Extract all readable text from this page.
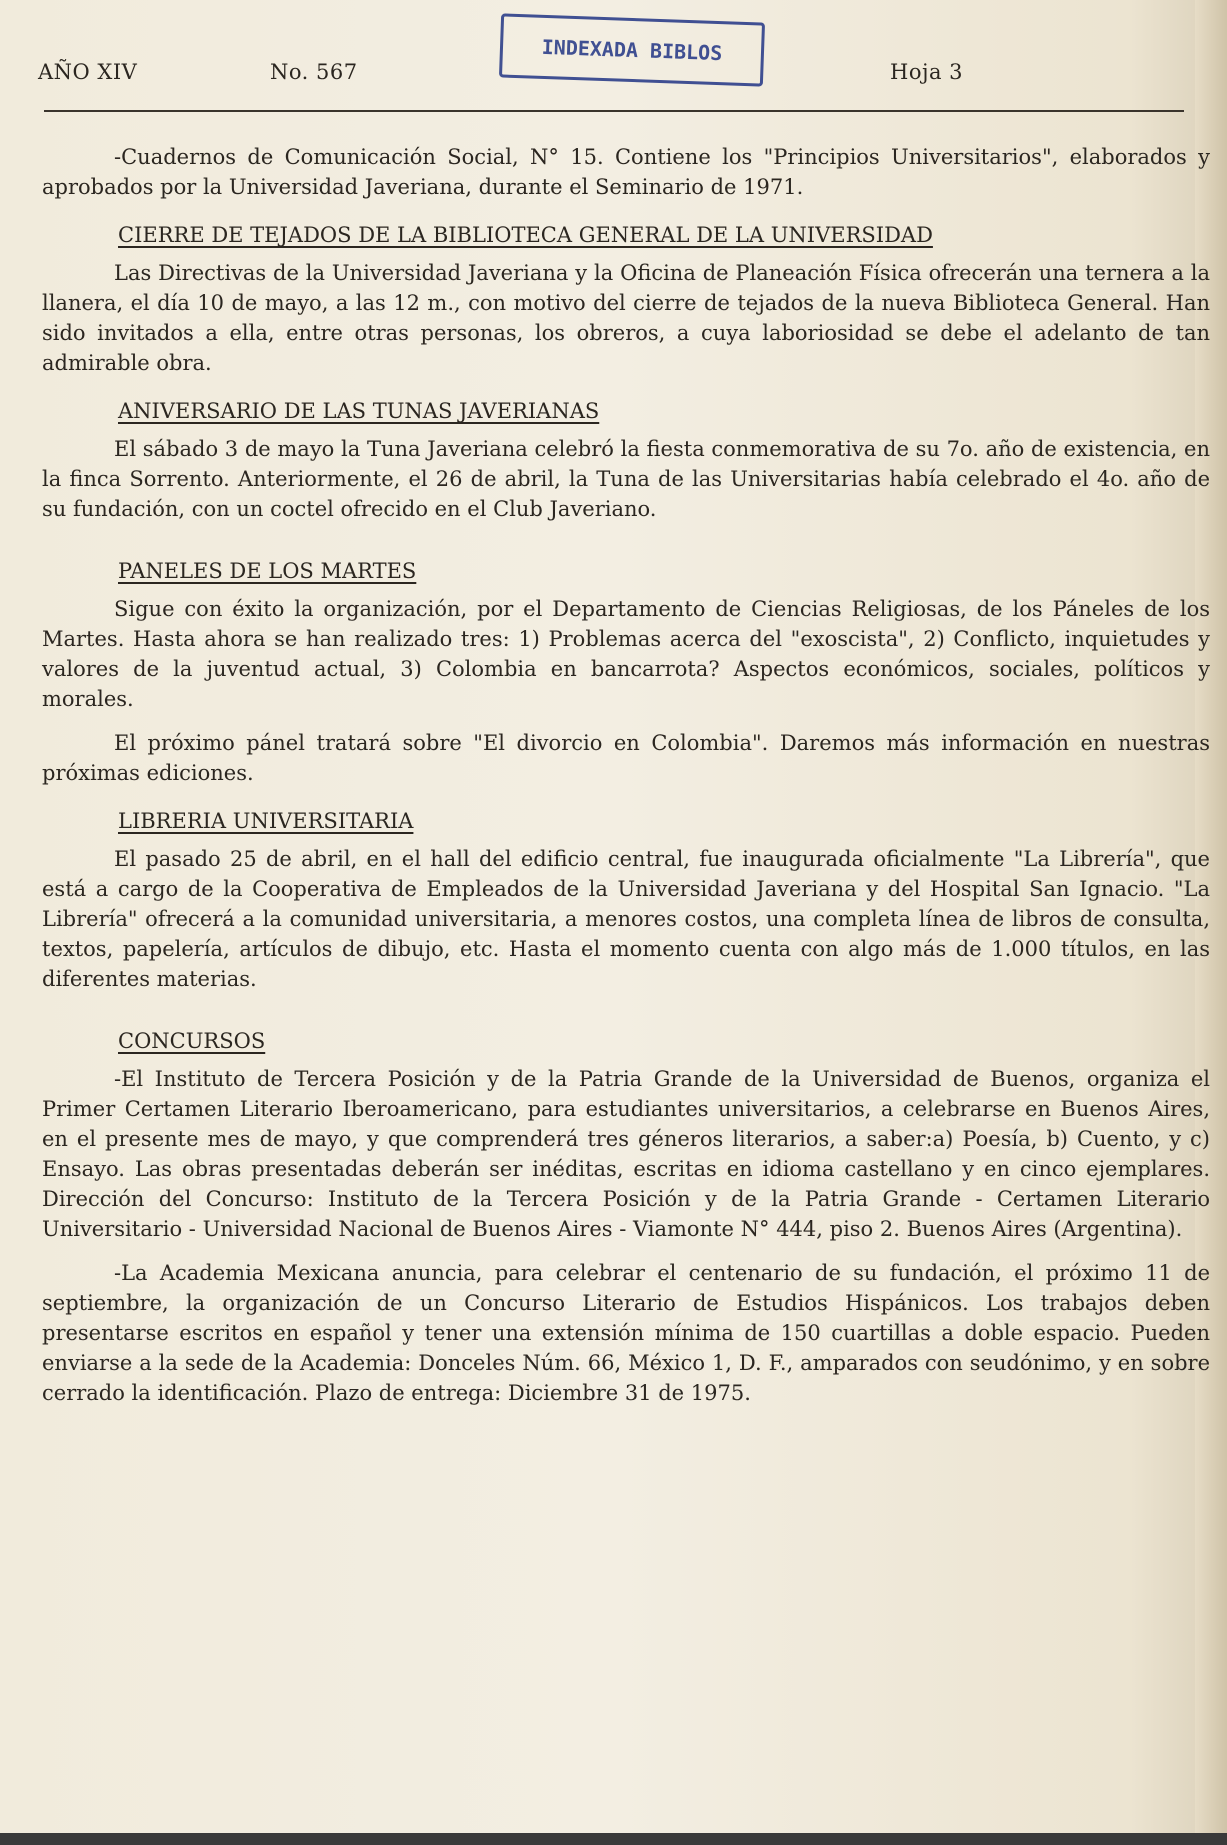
AÑO XIV	No. 567	Hoja 3
INDEXADA BIBLOS

-Cuadernos de Comunicación Social, N° 15. Contiene los "Principios Universitarios", elaborados y aprobados por la Universidad Javeriana, durante el Seminario de 1971.

CIERRE DE TEJADOS DE LA BIBLIOTECA GENERAL DE LA UNIVERSIDAD

Las Directivas de la Universidad Javeriana y la Oficina de Planeación Física ofrecerán una ternera a la llanera, el día 10 de mayo, a las 12 m., con motivo del cierre de tejados de la nueva Biblioteca General. Han sido invitados a ella, entre otras personas, los obreros, a cuya laboriosidad se debe el adelanto de tan admirable obra.

ANIVERSARIO DE LAS TUNAS JAVERIANAS

El sábado 3 de mayo la Tuna Javeriana celebró la fiesta conmemorativa de su 7o. año de existencia, en la finca Sorrento. Anteriormente, el 26 de abril, la Tuna de las Universitarias había celebrado el 4o. año de su fundación, con un coctel ofrecido en el Club Javeriano.

PANELES DE LOS MARTES

Sigue con éxito la organización, por el Departamento de Ciencias Religiosas, de los Páneles de los Martes. Hasta ahora se han realizado tres: 1) Problemas acerca del "exoscista", 2) Conflicto, inquietudes y valores de la juventud actual, 3) Colombia en bancarrota? Aspectos económicos, sociales, políticos y morales.

El próximo pánel tratará sobre "El divorcio en Colombia". Daremos más información en nuestras próximas ediciones.

LIBRERIA UNIVERSITARIA

El pasado 25 de abril, en el hall del edificio central, fue inaugurada oficialmente "La Librería", que está a cargo de la Cooperativa de Empleados de la Universidad Javeriana y del Hospital San Ignacio. "La Librería" ofrecerá a la comunidad universitaria, a menores costos, una completa línea de libros de consulta, textos, papelería, artículos de dibujo, etc. Hasta el momento cuenta con algo más de 1.000 títulos, en las diferentes materias.

CONCURSOS

-El Instituto de Tercera Posición y de la Patria Grande de la Universidad de Buenos, organiza el Primer Certamen Literario Iberoamericano, para estudiantes universitarios, a celebrarse en Buenos Aires, en el presente mes de mayo, y que comprenderá tres géneros literarios, a saber:a) Poesía, b) Cuento, y c) Ensayo. Las obras presentadas deberán ser inéditas, escritas en idioma castellano y en cinco ejemplares. Dirección del Concurso: Instituto de la Tercera Posición y de la Patria Grande - Certamen Literario Universitario - Universidad Nacional de Buenos Aires - Viamonte N° 444, piso 2. Buenos Aires (Argentina).

-La Academia Mexicana anuncia, para celebrar el centenario de su fundación, el próximo 11 de septiembre, la organización de un Concurso Literario de Estudios Hispánicos. Los trabajos deben presentarse escritos en español y tener una extensión mínima de 150 cuartillas a doble espacio. Pueden enviarse a la sede de la Academia: Donceles Núm. 66, México 1, D. F., amparados con seudónimo, y en sobre cerrado la identificación. Plazo de entrega: Diciembre 31 de 1975.
